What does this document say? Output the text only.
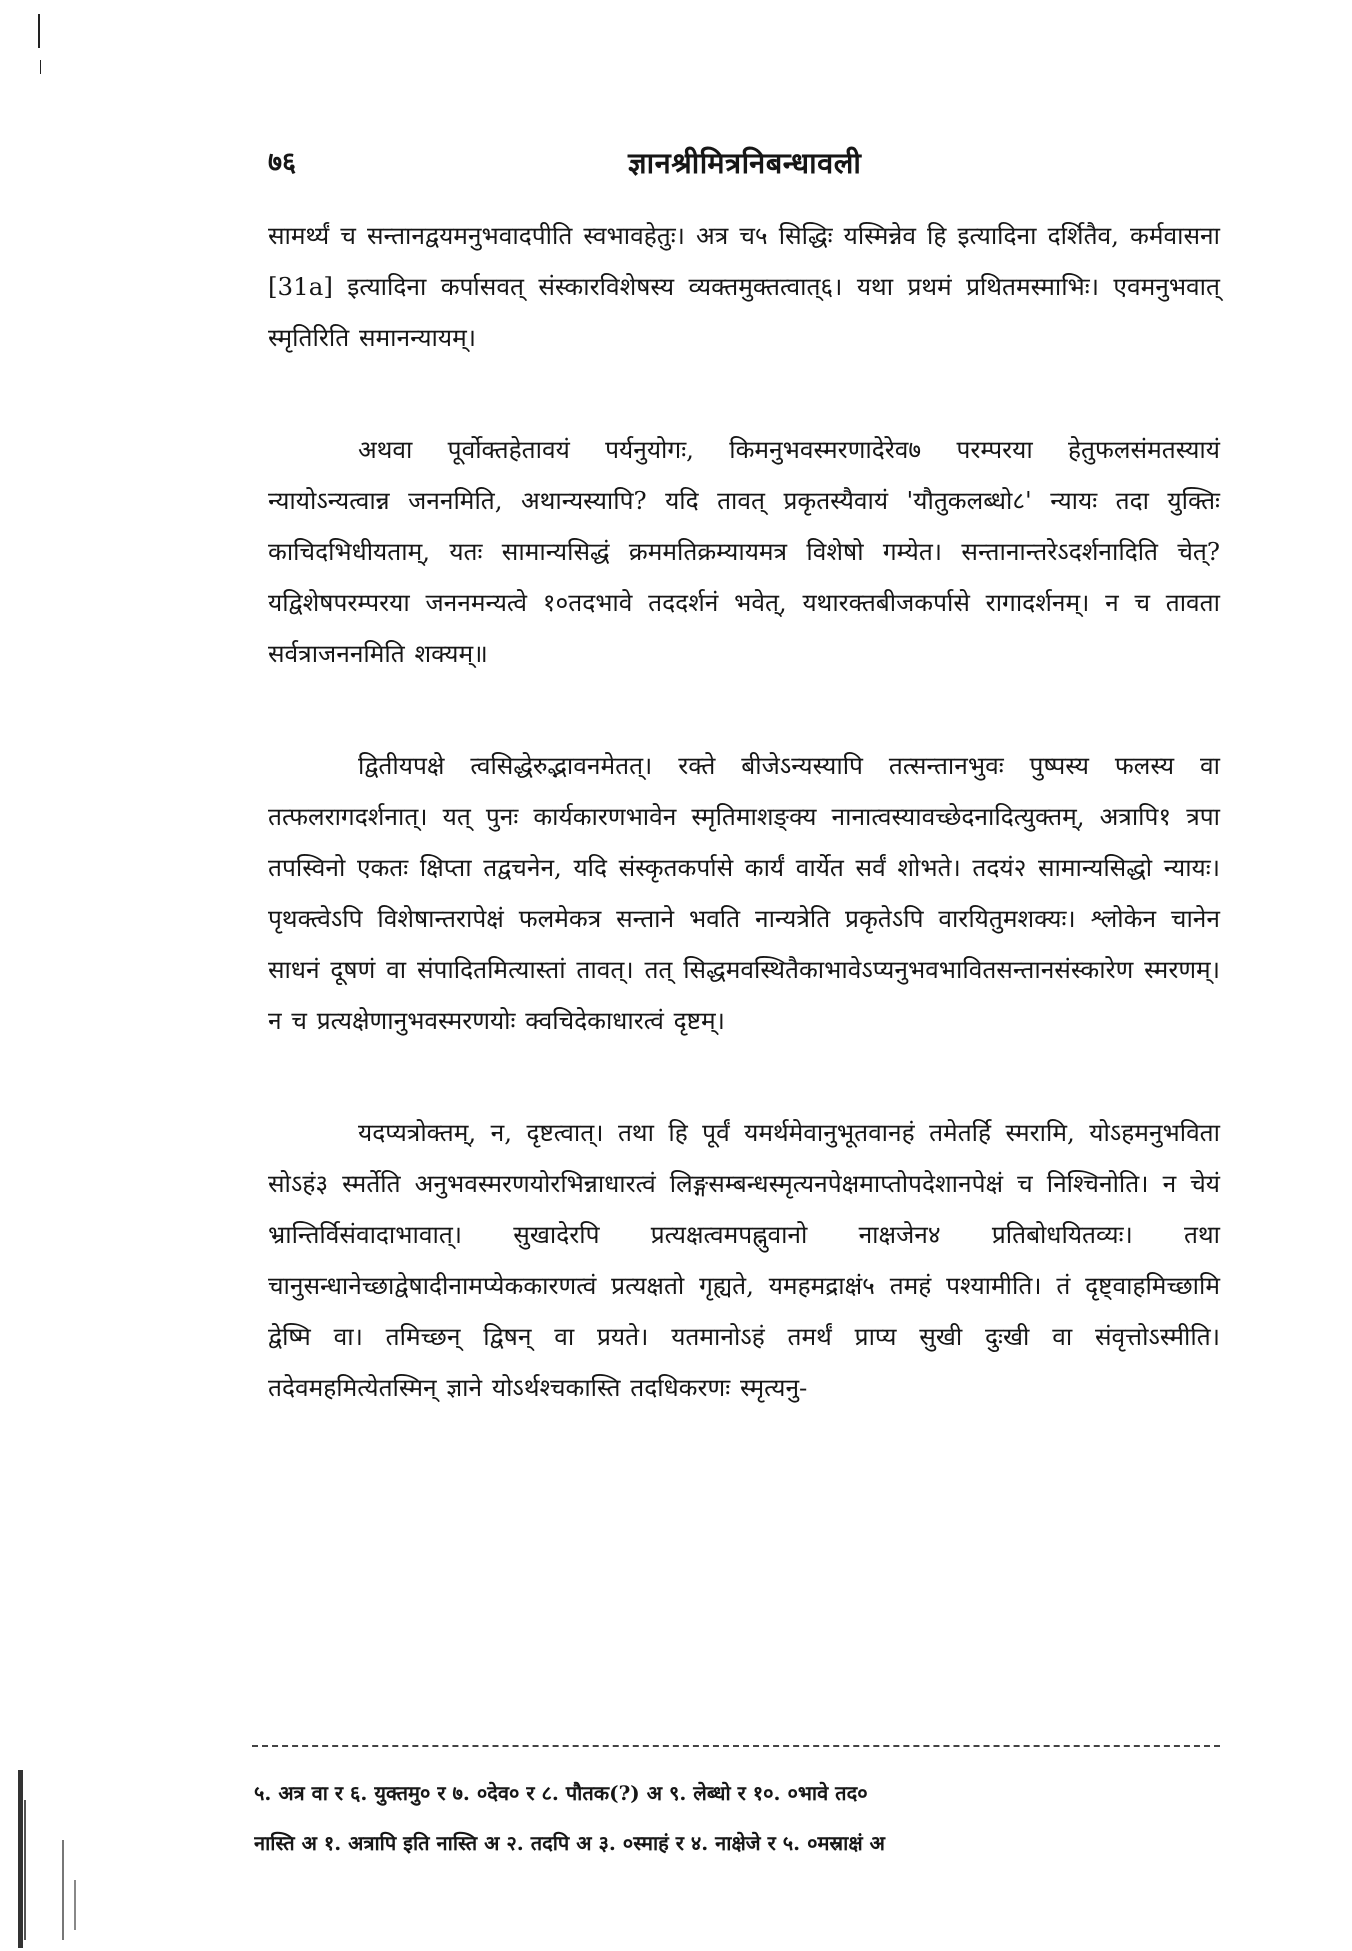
७६	ज्ञानश्रीमित्रनिबन्धावली

सामर्थ्यं च सन्तानद्वयमनुभवादपीति स्वभावहेतुः। अत्र च५ सिद्धिः यस्मिन्नेव हि इत्यादिना दर्शितैव, कर्मवासना [31a] इत्यादिना कर्पासवत् संस्कारविशेषस्य व्यक्तमुक्तत्वात्६। यथा प्रथमं प्रथितमस्माभिः। एवमनुभवात् स्मृतिरिति समानन्यायम्।

अथवा पूर्वोक्तहेतावयं पर्यनुयोगः, किमनुभवस्मरणादेरेव७ परम्परया हेतुफलसंमतस्यायं न्यायोऽन्यत्वान्न जननमिति, अथान्यस्यापि? यदि तावत् प्रकृतस्यैवायं 'यौतुकलब्धो८' न्यायः तदा युक्तिः काचिदभिधीयताम्, यतः सामान्यसिद्धं क्रममतिक्रम्यायमत्र विशेषो गम्येत। सन्तानान्तरेऽदर्शनादिति चेत्? यद्विशेषपरम्परया जननमन्यत्वे १०तदभावे तददर्शनं भवेत्, यथारक्तबीजकर्पासे रागादर्शनम्। न च तावता सर्वत्राजननमिति शक्यम्॥

द्वितीयपक्षे त्वसिद्धेरुद्भावनमेतत्। रक्ते बीजेऽन्यस्यापि तत्सन्तानभुवः पुष्पस्य फलस्य वा तत्फलरागदर्शनात्। यत् पुनः कार्यकारणभावेन स्मृतिमाशङ्क्य नानात्वस्यावच्छेदनादित्युक्तम्, अत्रापि१ त्रपा तपस्विनो एकतः क्षिप्ता तद्वचनेन, यदि संस्कृतकर्पासे कार्यं वार्येत सर्वं शोभते। तदयं२ सामान्यसिद्धो न्यायः। पृथक्त्वेऽपि विशेषान्तरापेक्षं फलमेकत्र सन्ताने भवति नान्यत्रेति प्रकृतेऽपि वारयितुमशक्यः। श्लोकेन चानेन साधनं दूषणं वा संपादितमित्यास्तां तावत्। तत् सिद्धमवस्थितैकाभावेऽप्यनुभवभावितसन्तानसंस्कारेण स्मरणम्। न च प्रत्यक्षेणानुभवस्मरणयोः क्वचिदेकाधारत्वं दृष्टम्।

यदप्यत्रोक्तम्, न, दृष्टत्वात्। तथा हि पूर्वं यमर्थमेवानुभूतवानहं तमेतर्हि स्मरामि, योऽहमनुभविता सोऽहं३ स्मर्तेति अनुभवस्मरणयोरभिन्नाधारत्वं लिङ्गसम्बन्धस्मृत्यनपेक्षमाप्तोपदेशानपेक्षं च निश्चिनोति। न चेयं भ्रान्तिर्विसंवादाभावात्। सुखादेरपि प्रत्यक्षत्वमपह्नुवानो नाक्षजेन४ प्रतिबोधयितव्यः। तथा चानुसन्धानेच्छाद्वेषादीनामप्येककारणत्वं प्रत्यक्षतो गृह्यते, यमहमद्राक्षं५ तमहं पश्यामीति। तं दृष्ट्वाहमिच्छामि द्वेष्मि वा। तमिच्छन् द्विषन् वा प्रयते। यतमानोऽहं तमर्थं प्राप्य सुखी दुःखी वा संवृत्तोऽस्मीति। तदेवमहमित्येतस्मिन् ज्ञाने योऽर्थश्चकास्ति तदधिकरणः स्मृत्यनु-

५. अत्र वा र ६. युक्तमु० र ७. ०देव० र ८. पौतक(?) अ ९. लेब्धो र १०. ०भावे तद०

नास्ति अ १. अत्रापि इति नास्ति अ २. तदपि अ ३. ०स्माहं र ४. नाक्षेजे र ५. ०मस्राक्षं अ
